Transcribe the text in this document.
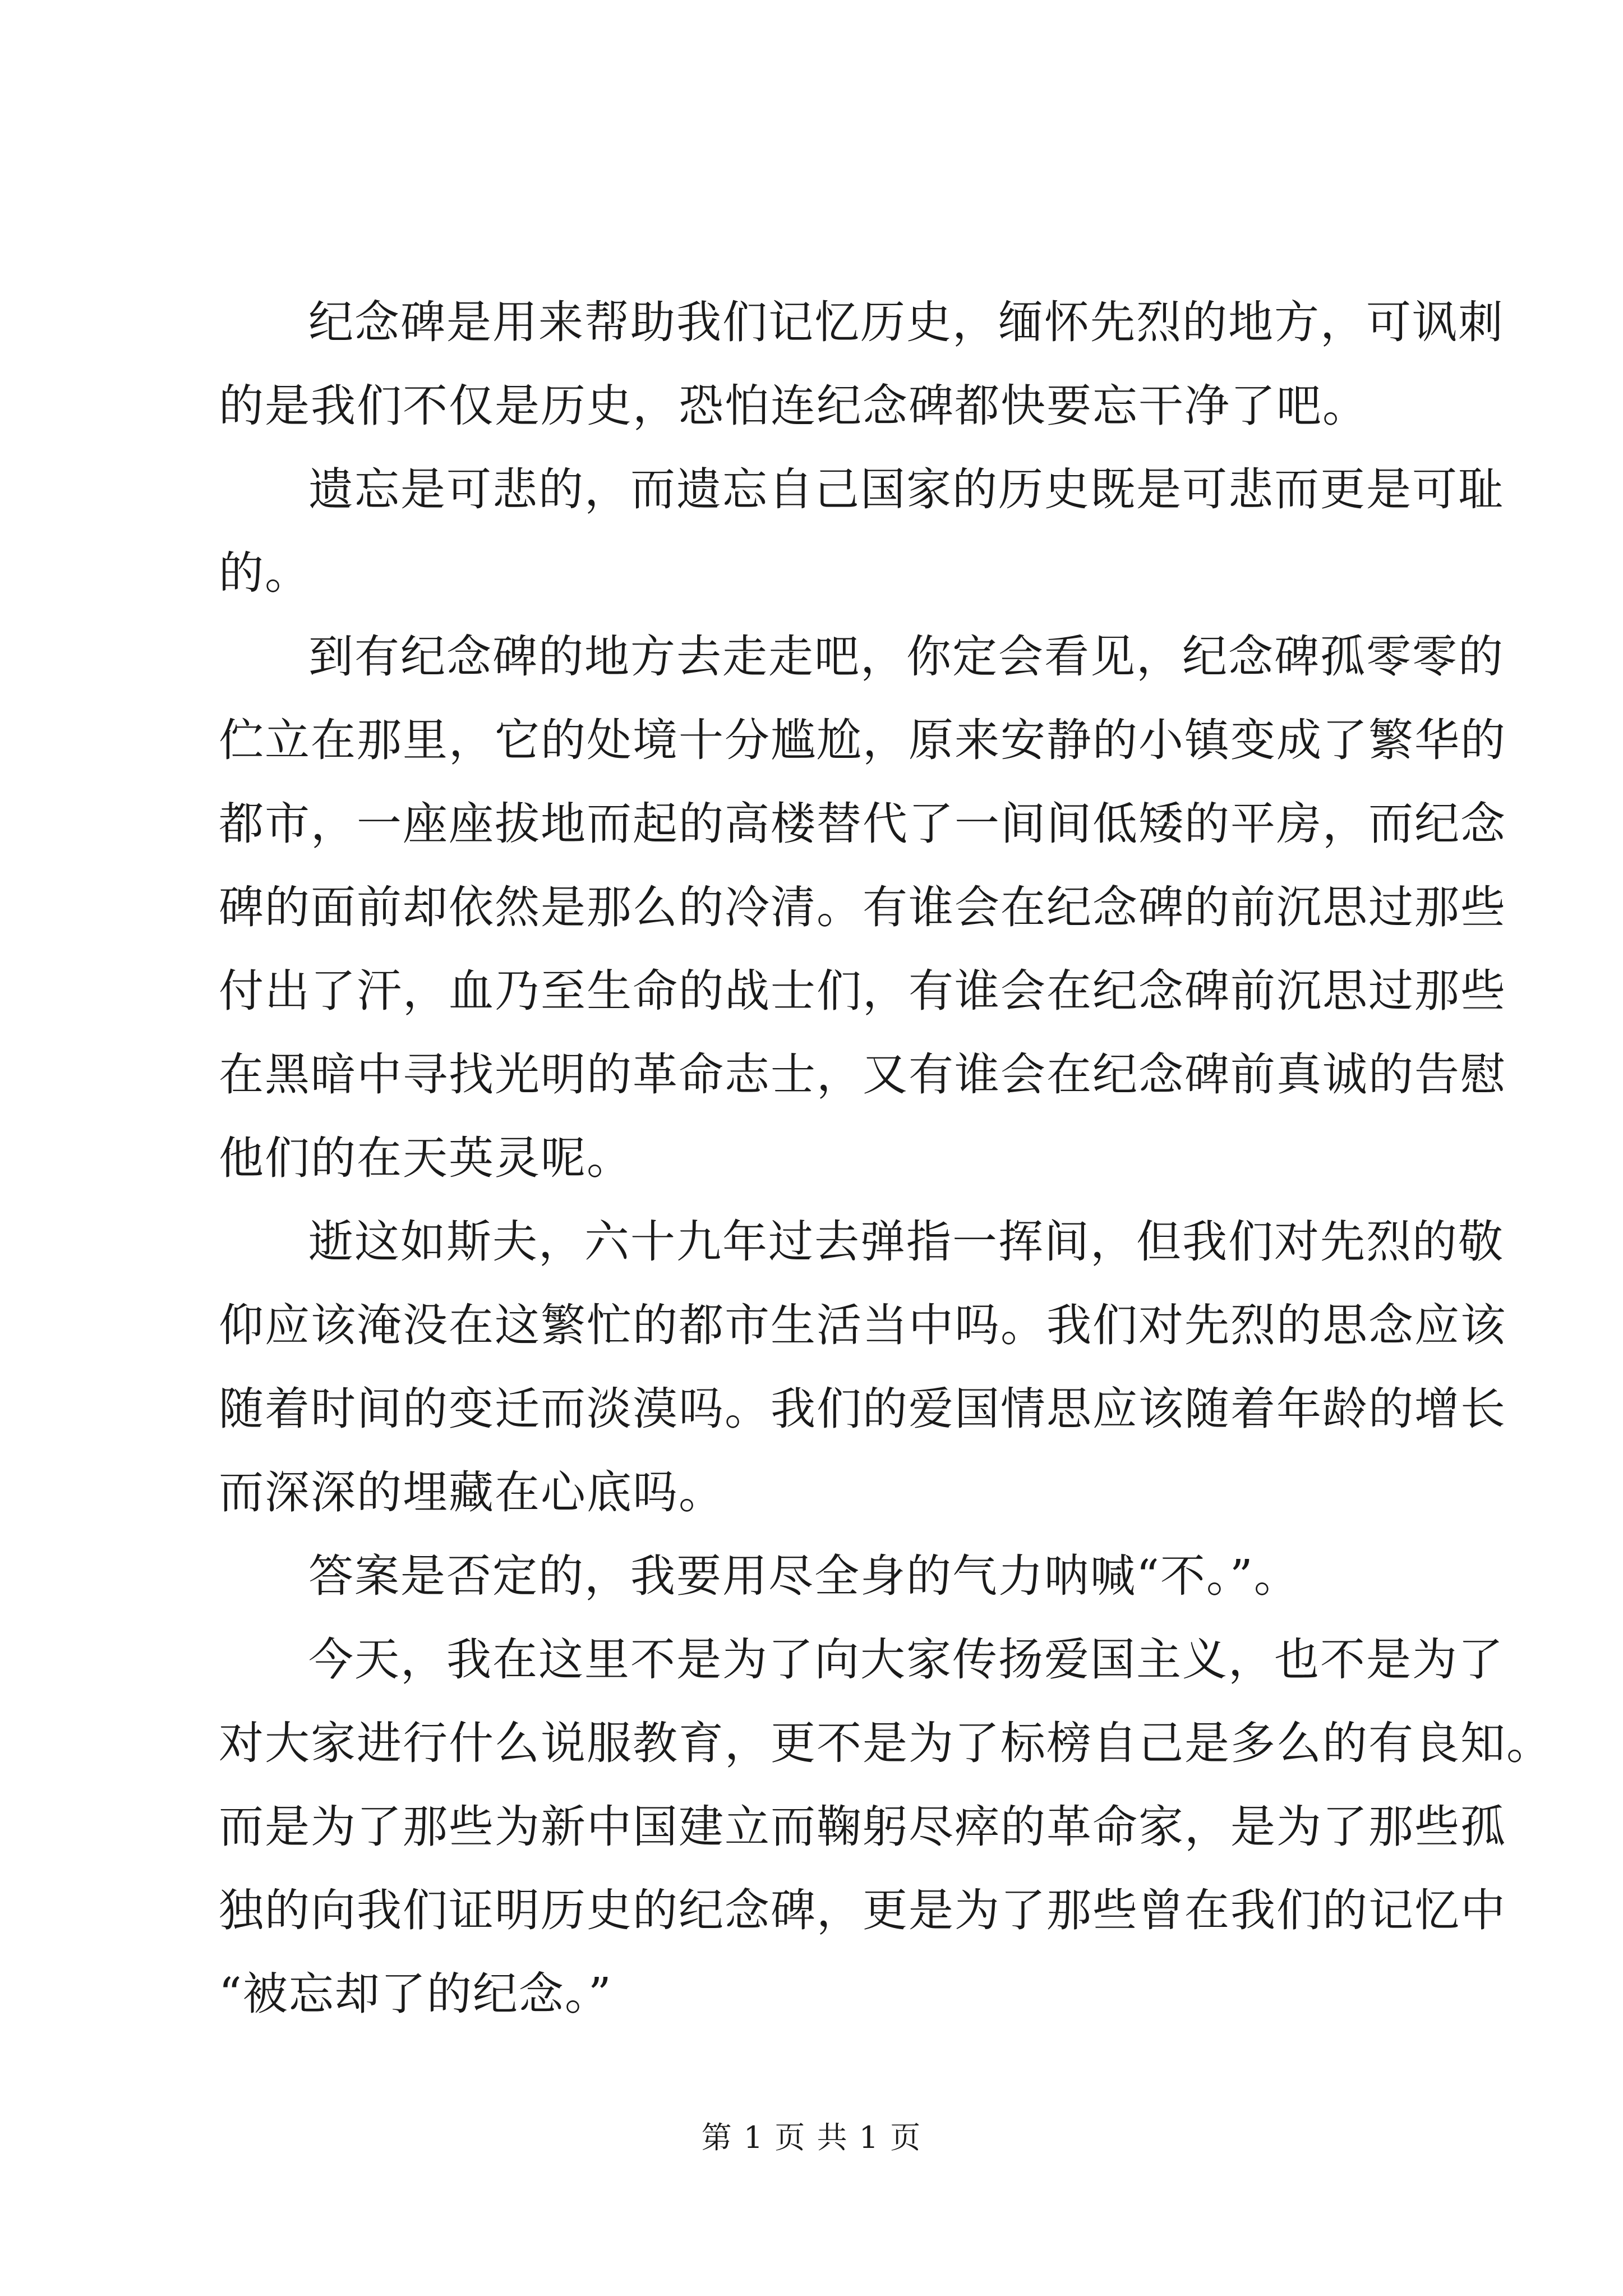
纪念碑是用来帮助我们记忆历史，缅怀先烈的地方，可讽刺
的是我们不仅是历史，恐怕连纪念碑都快要忘干净了吧。
遗忘是可悲的，而遗忘自己国家的历史既是可悲而更是可耻
的。
到有纪念碑的地方去走走吧，你定会看见，纪念碑孤零零的
伫立在那里，它的处境十分尴尬，原来安静的小镇变成了繁华的
都市，一座座拔地而起的高楼替代了一间间低矮的平房，而纪念
碑的面前却依然是那么的冷清。有谁会在纪念碑的前沉思过那些
付出了汗，血乃至生命的战士们，有谁会在纪念碑前沉思过那些
在黑暗中寻找光明的革命志士，又有谁会在纪念碑前真诚的告慰
他们的在天英灵呢。
逝这如斯夫，六十九年过去弹指一挥间，但我们对先烈的敬
仰应该淹没在这繁忙的都市生活当中吗。我们对先烈的思念应该
随着时间的变迁而淡漠吗。我们的爱国情思应该随着年龄的增长
而深深的埋藏在心底吗。
答案是否定的，我要用尽全身的气力呐喊“不。”。
今天，我在这里不是为了向大家传扬爱国主义，也不是为了
对大家进行什么说服教育，更不是为了标榜自己是多么的有良知。
而是为了那些为新中国建立而鞠躬尽瘁的革命家，是为了那些孤
独的向我们证明历史的纪念碑，更是为了那些曾在我们的记忆中
“被忘却了的纪念。”
第 1 页 共 1 页
